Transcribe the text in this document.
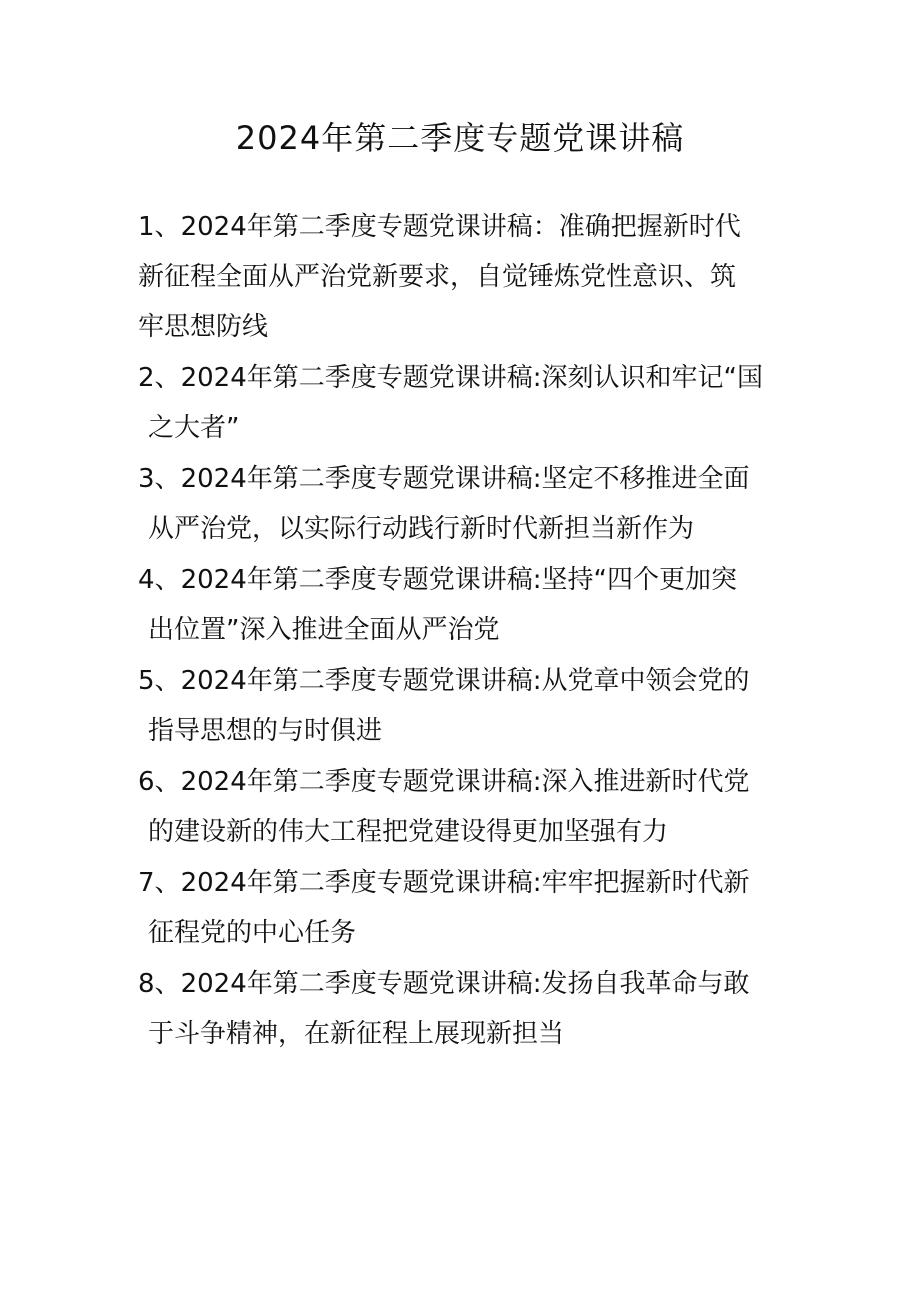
2024年第二季度专题党课讲稿
1、2024年第二季度专题党课讲稿：准确把握新时代
新征程全面从严治党新要求，自觉锤炼党性意识、筑
牢思想防线
2、2024年第二季度专题党课讲稿:深刻认识和牢记“国
之大者”
3、2024年第二季度专题党课讲稿:坚定不移推进全面
从严治党，以实际行动践行新时代新担当新作为
4、2024年第二季度专题党课讲稿:坚持“四个更加突
出位置”深入推进全面从严治党
5、2024年第二季度专题党课讲稿:从党章中领会党的
指导思想的与时俱进
6、2024年第二季度专题党课讲稿:深入推进新时代党
的建设新的伟大工程把党建设得更加坚强有力
7、2024年第二季度专题党课讲稿:牢牢把握新时代新
征程党的中心任务
8、2024年第二季度专题党课讲稿:发扬自我革命与敢
于斗争精神，在新征程上展现新担当
